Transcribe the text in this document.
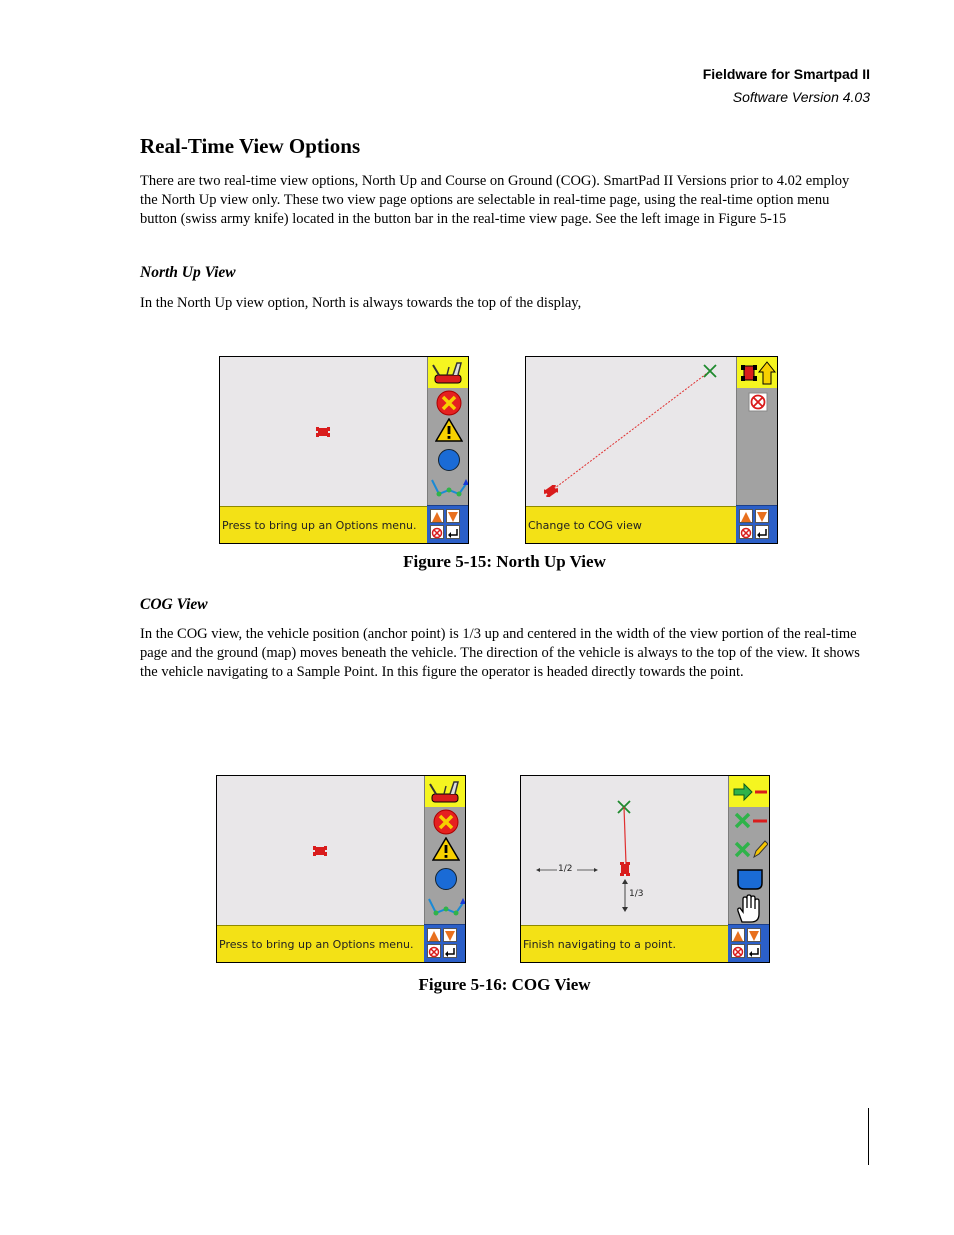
Fieldware for Smartpad II
Software Version 4.03
Real-Time View Options
There are two real-time view options, North Up and Course on Ground (COG). SmartPad II Versions prior to 4.02 employ the North Up view only. These two view page options are selectable in real-time page, using the real-time option menu button (swiss army knife) located in the button bar in the real-time view page. See the left image in Figure 5-15
North Up View
In the North Up view option, North is always towards the top of the display,
Press to bring up an Options menu.	Change to COG view
Figure 5-15: North Up View
COG View
In the COG view, the vehicle position (anchor point) is 1/3 up and centered in the width of the view portion of the real-time page and the ground (map) moves beneath the vehicle. The direction of the vehicle is always to the top of the view. It shows the vehicle navigating to a Sample Point. In this figure the operator is headed directly towards the point.
Press to bring up an Options menu.
1/2
1/3
Finish navigating to a point.
Figure 5-16: COG View
